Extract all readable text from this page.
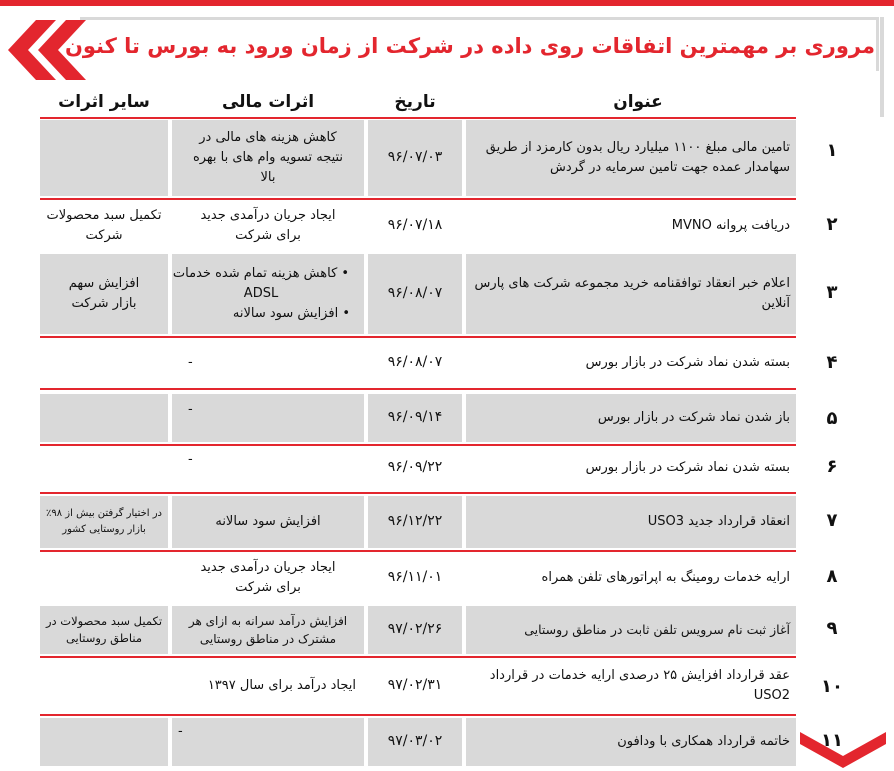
مروری بر مهمترین اتفاقات روی داده در شرکت از زمان ورود به بورس تا کنون
عنوان
تاریخ
اثرات مالی
سایر اثرات
۱
تامین مالی مبلغ ۱۱۰۰ میلیارد ریال بدون کارمزد از طریق سهامدار عمده جهت تامین سرمایه در گردش
۹۶/۰۷/۰۳
کاهش هزینه های مالی در نتیجه تسویه وام های با بهره بالا
۲
دریافت پروانه MVNO
۹۶/۰۷/۱۸
ایجاد جریان درآمدی جدید برای شرکت
تکمیل سبد محصولات شرکت
۳
اعلام خبر انعقاد توافقنامه خرید مجموعه شرکت های پارس آنلاین
۹۶/۰۸/۰۷
• کاهش هزینه تمام شده خدمات ADSL
• افزایش سود سالانه
افزایش سهم بازار شرکت
۴
بسته شدن نماد شرکت در بازار بورس
۹۶/۰۸/۰۷
-
۵
باز شدن نماد شرکت در بازار بورس
۹۶/۰۹/۱۴
-
۶
بسته شدن نماد شرکت در بازار بورس
۹۶/۰۹/۲۲
-
۷
انعقاد قرارداد جدید USO3
۹۶/۱۲/۲۲
افزایش سود سالانه
در اختیار گرفتن بیش از ۹۸٪ بازار روستایی کشور
۸
ارایه خدمات رومینگ به اپراتورهای تلفن همراه
۹۶/۱۱/۰۱
ایجاد جریان درآمدی جدید برای شرکت
۹
آغاز ثبت نام سرویس تلفن ثابت در مناطق روستایی
۹۷/۰۲/۲۶
افزایش درآمد سرانه به ازای هر مشترک در مناطق روستایی
تکمیل سبد محصولات در مناطق روستایی
۱۰
عقد قرارداد افزایش ۲۵ درصدی ارایه خدمات در قرارداد USO2
۹۷/۰۲/۳۱
ایجاد درآمد برای سال ۱۳۹۷
۱۱
خاتمه قرارداد همکاری با ودافون
۹۷/۰۳/۰۲
-
